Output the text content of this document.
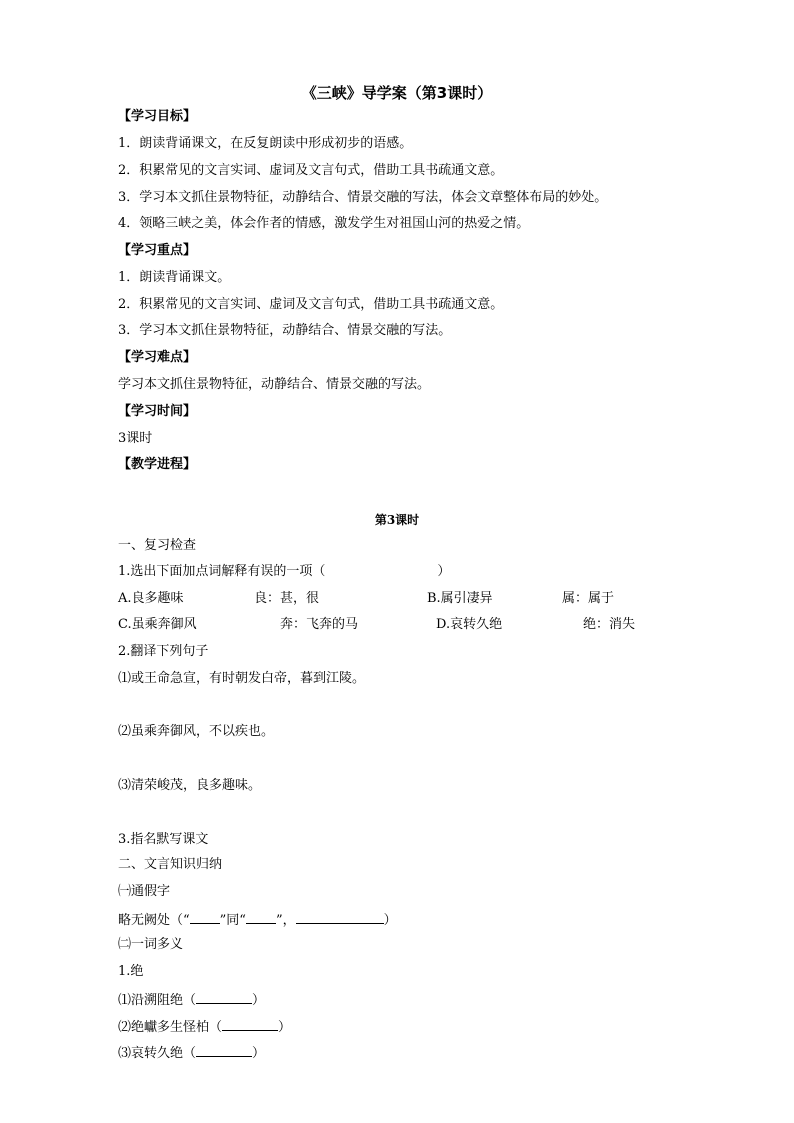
《三峡》导学案（第3课时）
【学习目标】
1．朗读背诵课文，在反复朗读中形成初步的语感。
2．积累常见的文言实词、虚词及文言句式，借助工具书疏通文意。
3．学习本文抓住景物特征，动静结合、情景交融的写法，体会文章整体布局的妙处。
4．领略三峡之美，体会作者的情感，激发学生对祖国山河的热爱之情。
【学习重点】
1．朗读背诵课文。
2．积累常见的文言实词、虚词及文言句式，借助工具书疏通文意。
3．学习本文抓住景物特征，动静结合、情景交融的写法。
【学习难点】
学习本文抓住景物特征，动静结合、情景交融的写法。
【学习时间】
3课时
【教学进程】
第3课时
一、复习检查
1.选出下面加点词解释有误的一项（	）
A.良多趣味	良：甚，很	B.属引凄异	属：属于
C.虽乘奔御风	奔：飞奔的马	D.哀转久绝	绝：消失
2.翻译下列句子
⑴或王命急宣，有时朝发白帝，暮到江陵。
⑵虽乘奔御风，不以疾也。
⑶清荣峻茂，良多趣味。
3.指名默写课文
二、文言知识归纳
㈠通假字
略无阙处（“ ”同“ ”，	）
㈡一词多义
1.绝
⑴沿溯阻绝（	）
⑵绝巘多生怪柏（	）
⑶哀转久绝（	）
